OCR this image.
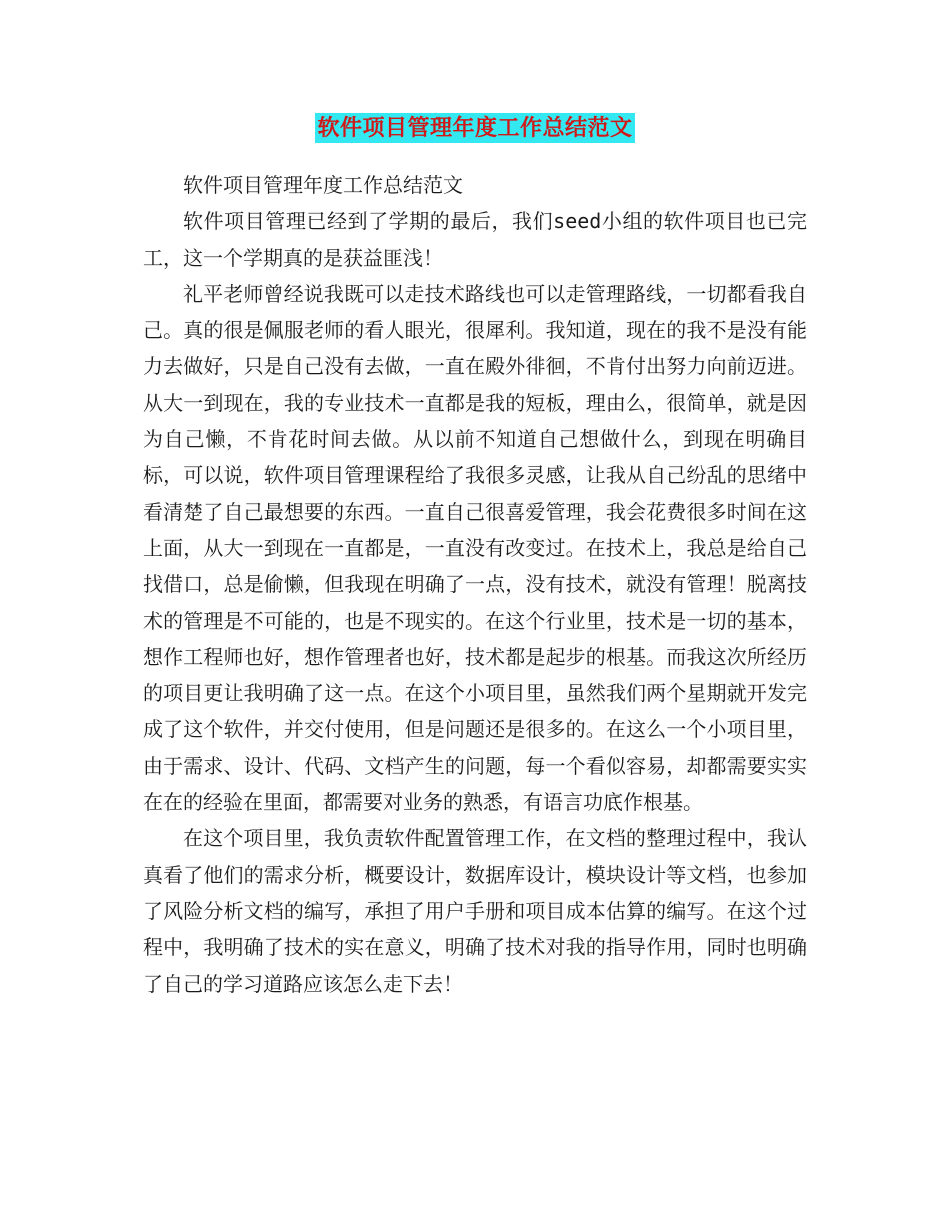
软件项目管理年度工作总结范文

软件项目管理年度工作总结范文

软件项目管理已经到了学期的最后，我们seed小组的软件项目也已完工，这一个学期真的是获益匪浅！

礼平老师曾经说我既可以走技术路线也可以走管理路线，一切都看我自己。真的很是佩服老师的看人眼光，很犀利。我知道，现在的我不是没有能力去做好，只是自己没有去做，一直在殿外徘徊，不肯付出努力向前迈进。从大一到现在，我的专业技术一直都是我的短板，理由么，很简单，就是因为自己懒，不肯花时间去做。从以前不知道自己想做什么，到现在明确目标，可以说，软件项目管理课程给了我很多灵感，让我从自己纷乱的思绪中看清楚了自己最想要的东西。一直自己很喜爱管理，我会花费很多时间在这上面，从大一到现在一直都是，一直没有改变过。在技术上，我总是给自己找借口，总是偷懒，但我现在明确了一点，没有技术，就没有管理！脱离技术的管理是不可能的，也是不现实的。在这个行业里，技术是一切的基本，想作工程师也好，想作管理者也好，技术都是起步的根基。而我这次所经历的项目更让我明确了这一点。在这个小项目里，虽然我们两个星期就开发完成了这个软件，并交付使用，但是问题还是很多的。在这么一个小项目里，由于需求、设计、代码、文档产生的问题，每一个看似容易，却都需要实实在在的经验在里面，都需要对业务的熟悉，有语言功底作根基。

在这个项目里，我负责软件配置管理工作，在文档的整理过程中，我认真看了他们的需求分析，概要设计，数据库设计，模块设计等文档，也参加了风险分析文档的编写，承担了用户手册和项目成本估算的编写。在这个过程中，我明确了技术的实在意义，明确了技术对我的指导作用，同时也明确了自己的学习道路应该怎么走下去！
